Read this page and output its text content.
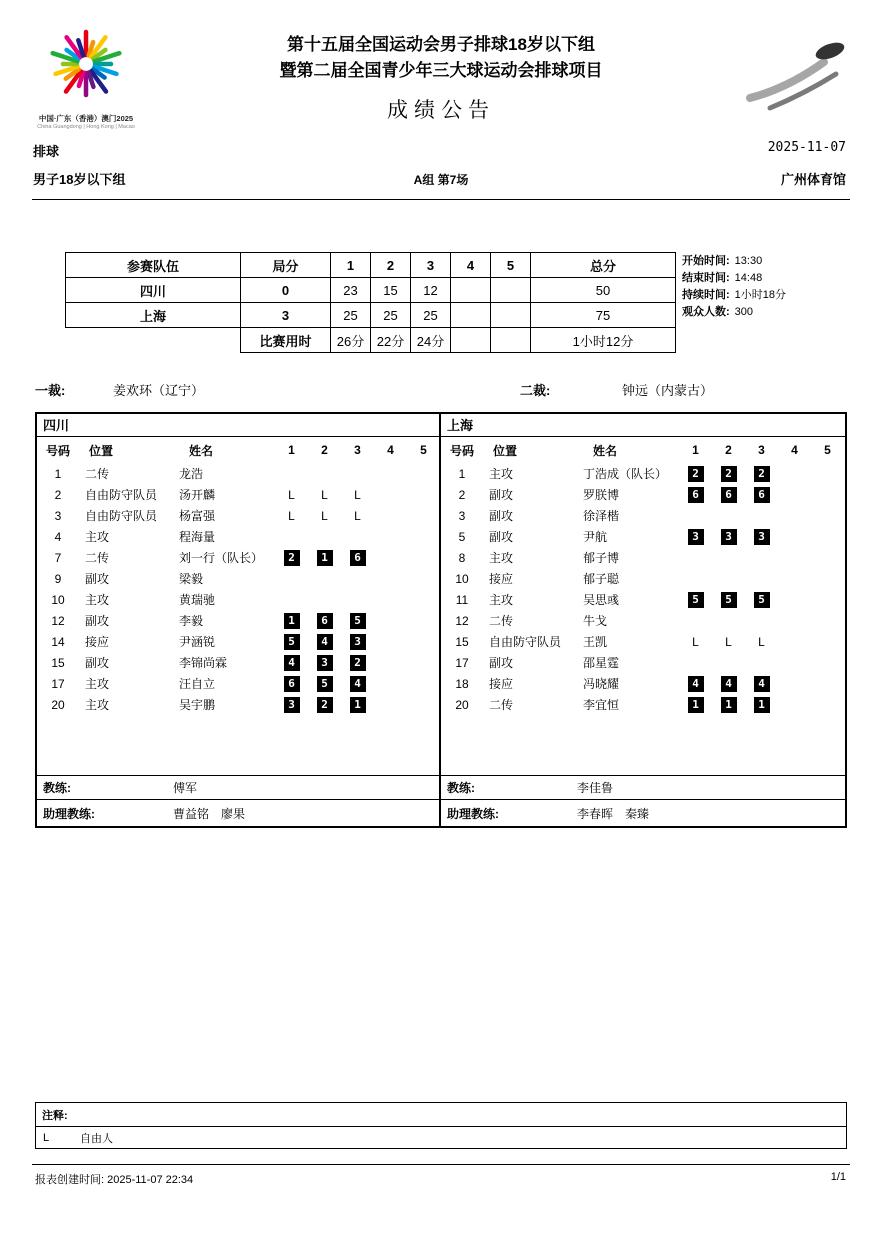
中国·广东（香港）澳门2025
China Guangdong | Hong Kong | Macao
第十五届全国运动会男子排球18岁以下组
暨第二届全国青少年三大球运动会排球项目
成绩公告
排球	2025-11-07
男子18岁以下组	A组 第7场	广州体育馆
参赛队伍	局分	1	2	3	4	5	总分
四川	0	23	15	12			50
上海	3	25	25	25			75
	比赛用时	26分	22分	24分			1小时12分
开始时间: 13:30
结束时间: 14:48
持续时间: 1小时18分
观众人数: 300
一裁:	姜欢环（辽宁）	二裁:	钟远（内蒙古）
四川
号码	位置	姓名	1	2	3	4	5
1	二传	龙浩
2	自由防守队员	汤开麟	L L L
3	自由防守队员	杨富强	L L L
4	主攻	程海量
7	二传	刘一行（队长）	2	1	6
9	副攻	梁毅
10	主攻	黄瑞驰
12	副攻	李毅	1	6	5
14	接应	尹涵锐	5	4	3
15	副攻	李锦尚霖	4	3	2
17	主攻	汪自立	6	5	4
20	主攻	吴宇鹏	3	2	1
教练:	傅军
助理教练:	曹益铭　廖果
上海
号码	位置	姓名	1	2	3	4	5
1	主攻	丁浩成（队长）	2	2	2
2	副攻	罗朕博	6	6	6
3	副攻	徐泽楷
5	副攻	尹航	3	3	3
8	主攻	郁子博
10	接应	郁子聪
11	主攻	吴思彧	5	5	5
12	二传	牛戈
15	自由防守队员	王凯	L L L
17	副攻	邵星霆
18	接应	冯晓耀	4	4	4
20	二传	李宜恒	1	1	1
教练:	李佳鲁
助理教练:	李春晖　秦臻
注释:
L	自由人
报表创建时间: 2025-11-07 22:34	1/1
